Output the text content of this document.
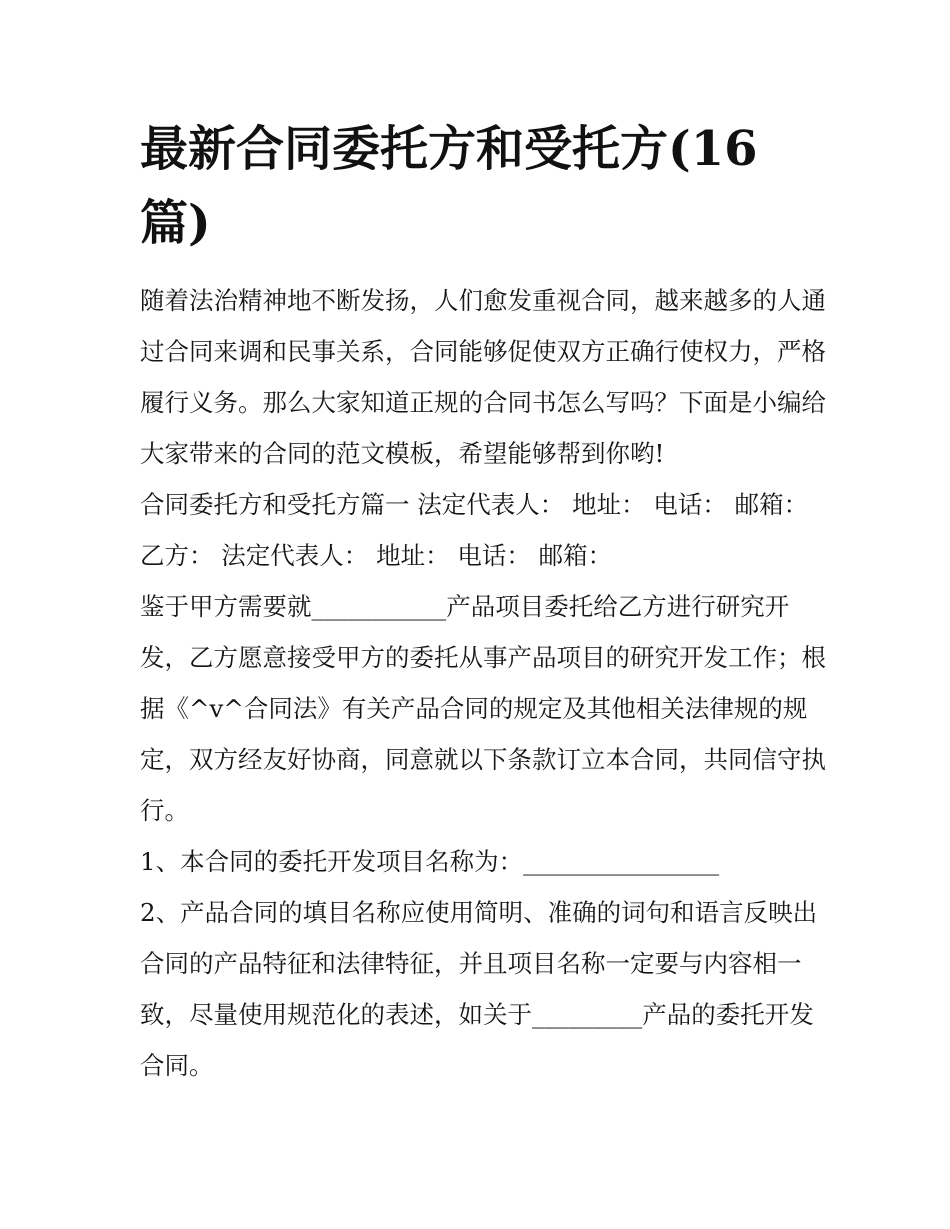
最新合同委托方和受托方(16篇)

随着法治精神地不断发扬，人们愈发重视合同，越来越多的人通过合同来调和民事关系，合同能够促使双方正确行使权力，严格履行义务。那么大家知道正规的合同书怎么写吗？下面是小编给大家带来的合同的范文模板，希望能够帮到你哟!

合同委托方和受托方篇一 法定代表人： 地址： 电话： 邮箱： 乙方： 法定代表人： 地址： 电话： 邮箱：

鉴于甲方需要就___________产品项目委托给乙方进行研究开发，乙方愿意接受甲方的委托从事产品项目的研究开发工作；根据《^v^合同法》有关产品合同的规定及其他相关法律规的规定，双方经友好协商，同意就以下条款订立本合同，共同信守执行。

1、本合同的委托开发项目名称为：________________

2、产品合同的填目名称应使用简明、准确的词句和语言反映出合同的产品特征和法律特征，并且项目名称一定要与内容相一致，尽量使用规范化的表述，如关于_________产品的委托开发合同。
